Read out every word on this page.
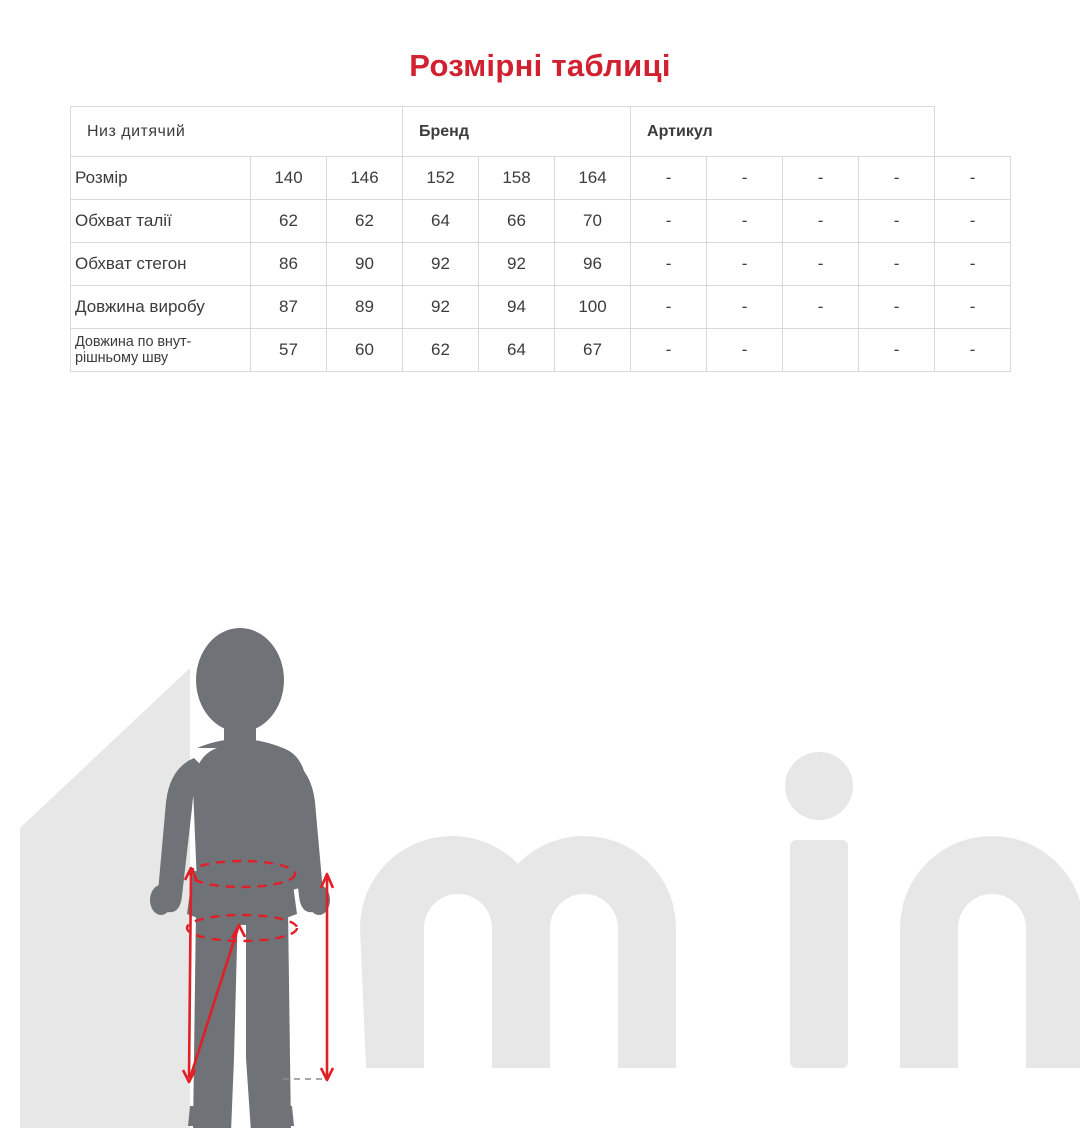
Розмірні таблиці
Низ дитячий			Бренд			Артикул				
Розмір	140	146	152	158	164	-	-	-	-	-
Обхват талії	62	62	64	66	70	-	-	-	-	-
Обхват стегон	86	90	92	92	96	-	-	-	-	-
Довжина виробу	87	89	92	94	100	-	-	-	-	-
Довжина по внут-
рішньому шву	57	60	62	64	67	-	-		-	-
